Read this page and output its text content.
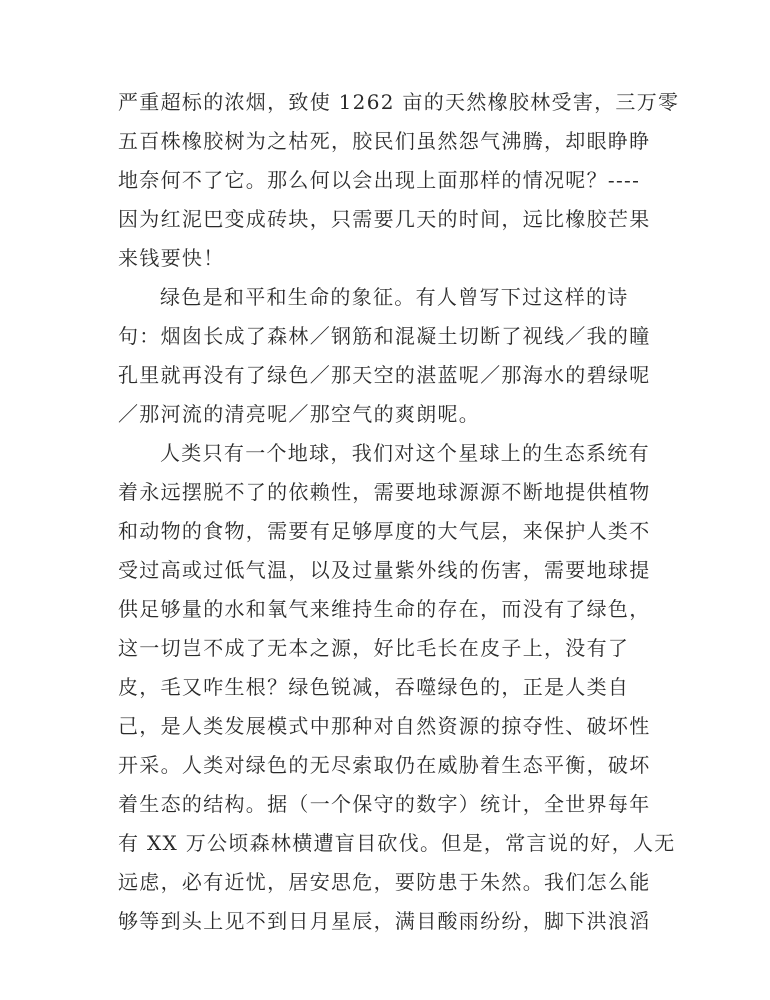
严重超标的浓烟，致使 1262 亩的天然橡胶林受害，三万零
五百株橡胶树为之枯死，胶民们虽然怨气沸腾，却眼睁睁
地奈何不了它。那么何以会出现上面那样的情况呢？----
因为红泥巴变成砖块，只需要几天的时间，远比橡胶芒果
来钱要快！
绿色是和平和生命的象征。有人曾写下过这样的诗
句：烟囱长成了森林／钢筋和混凝土切断了视线／我的瞳
孔里就再没有了绿色／那天空的湛蓝呢／那海水的碧绿呢
／那河流的清亮呢／那空气的爽朗呢。
人类只有一个地球，我们对这个星球上的生态系统有
着永远摆脱不了的依赖性，需要地球源源不断地提供植物
和动物的食物，需要有足够厚度的大气层，来保护人类不
受过高或过低气温，以及过量紫外线的伤害，需要地球提
供足够量的水和氧气来维持生命的存在，而没有了绿色，
这一切岂不成了无本之源，好比毛长在皮子上，没有了
皮，毛又咋生根？绿色锐减，吞噬绿色的，正是人类自
己，是人类发展模式中那种对自然资源的掠夺性、破坏性
开采。人类对绿色的无尽索取仍在威胁着生态平衡，破坏
着生态的结构。据（一个保守的数字）统计，全世界每年
有 XX 万公顷森林横遭盲目砍伐。但是，常言说的好，人无
远虑，必有近忧，居安思危，要防患于朱然。我们怎么能
够等到头上见不到日月星辰，满目酸雨纷纷，脚下洪浪滔
